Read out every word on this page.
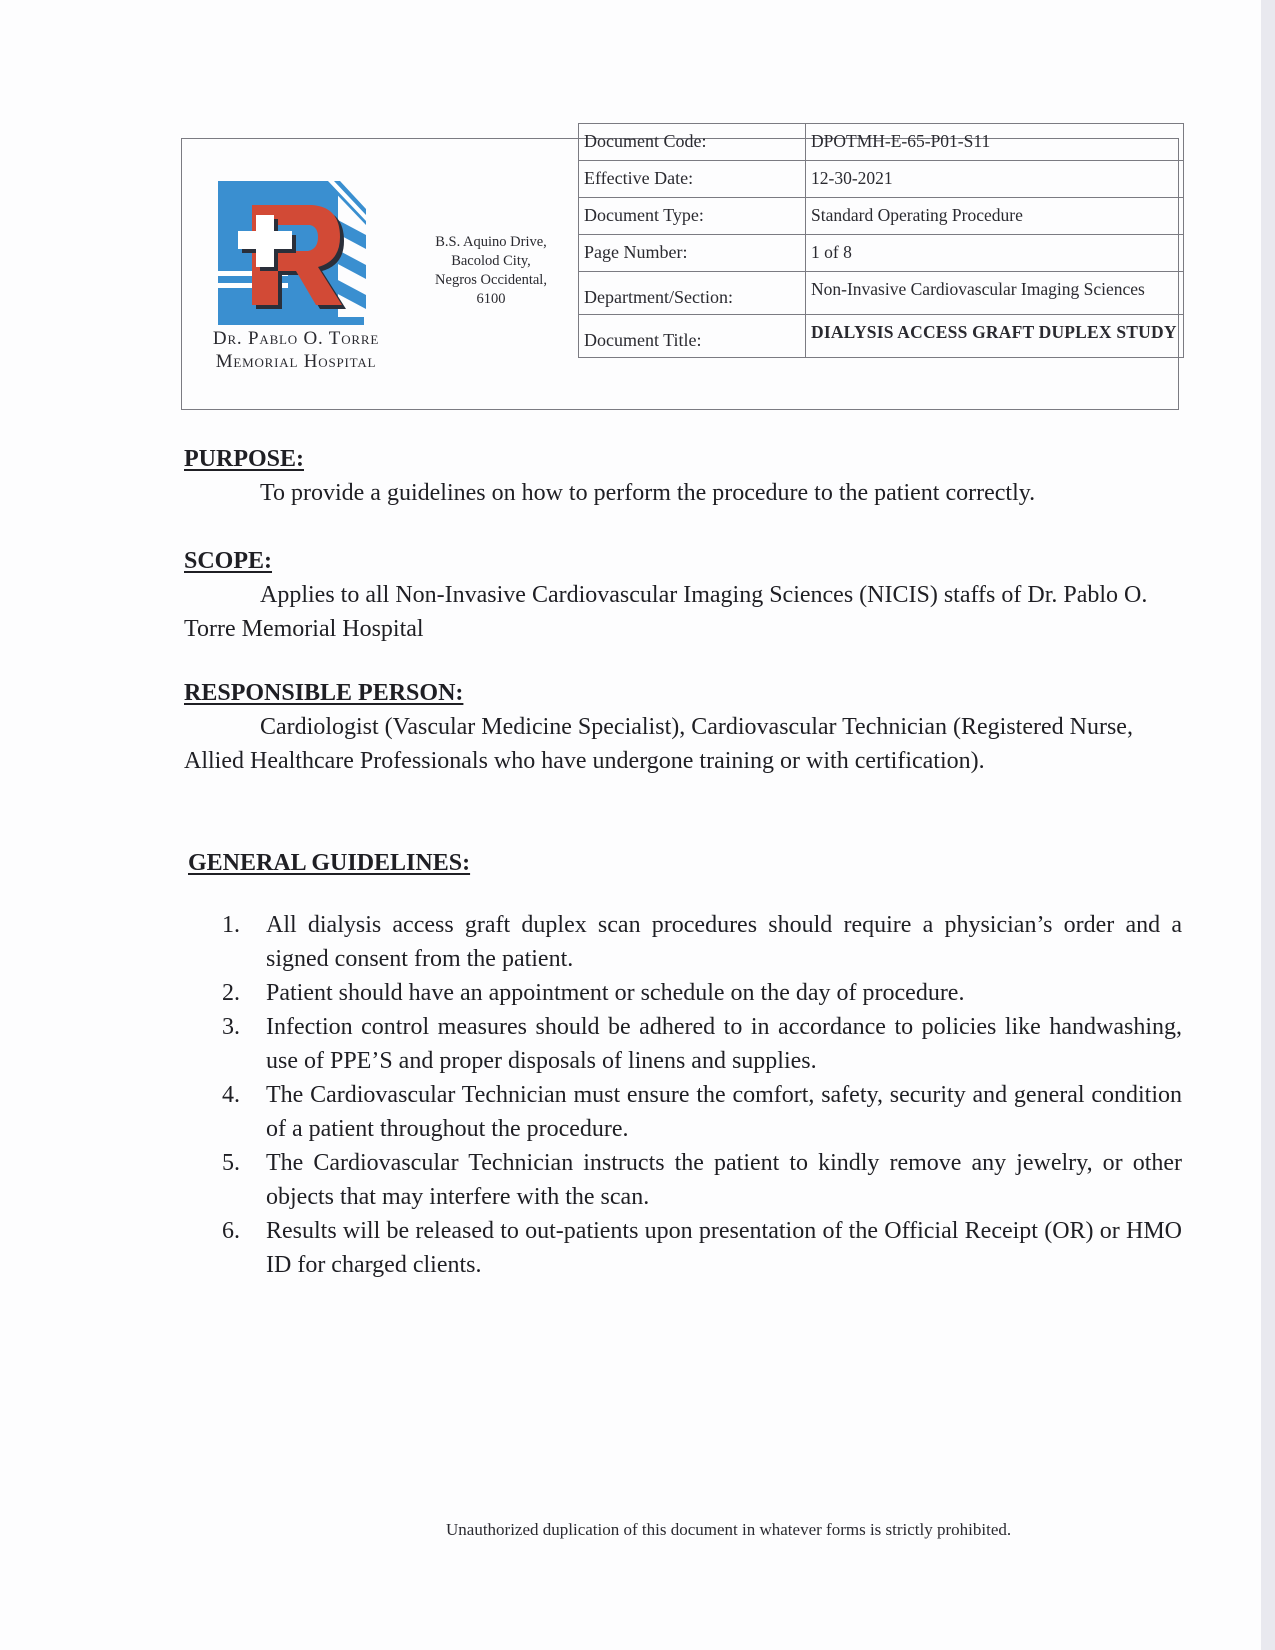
Dr. Pablo O. Torre
Memorial Hospital
B.S. Aquino Drive,
Bacolod City,
Negros Occidental,
6100
Document Code:	DPOTMH-E-65-P01-S11
Effective Date:	12-30-2021
Document Type:	Standard Operating Procedure
Page Number:	1 of 8
Department/Section:	Non-Invasive Cardiovascular Imaging Sciences
Document Title:	DIALYSIS ACCESS GRAFT DUPLEX STUDY

PURPOSE:

To provide a guidelines on how to perform the procedure to the patient correctly.

SCOPE:

Applies to all Non-Invasive Cardiovascular Imaging Sciences (NICIS) staffs of Dr. Pablo O. Torre Memorial Hospital

RESPONSIBLE PERSON:

Cardiologist (Vascular Medicine Specialist), Cardiovascular Technician (Registered Nurse, Allied Healthcare Professionals who have undergone training or with certification).

GENERAL GUIDELINES:

1. All dialysis access graft duplex scan procedures should require a physician’s order and a signed consent from the patient.
2. Patient should have an appointment or schedule on the day of procedure.
3. Infection control measures should be adhered to in accordance to policies like handwashing, use of PPE’S and proper disposals of linens and supplies.
4. The Cardiovascular Technician must ensure the comfort, safety, security and general condition of a patient throughout the procedure.
5. The Cardiovascular Technician instructs the patient to kindly remove any jewelry, or other objects that may interfere with the scan.
6. Results will be released to out-patients upon presentation of the Official Receipt (OR) or HMO ID for charged clients.
Unauthorized duplication of this document in whatever forms is strictly prohibited.
